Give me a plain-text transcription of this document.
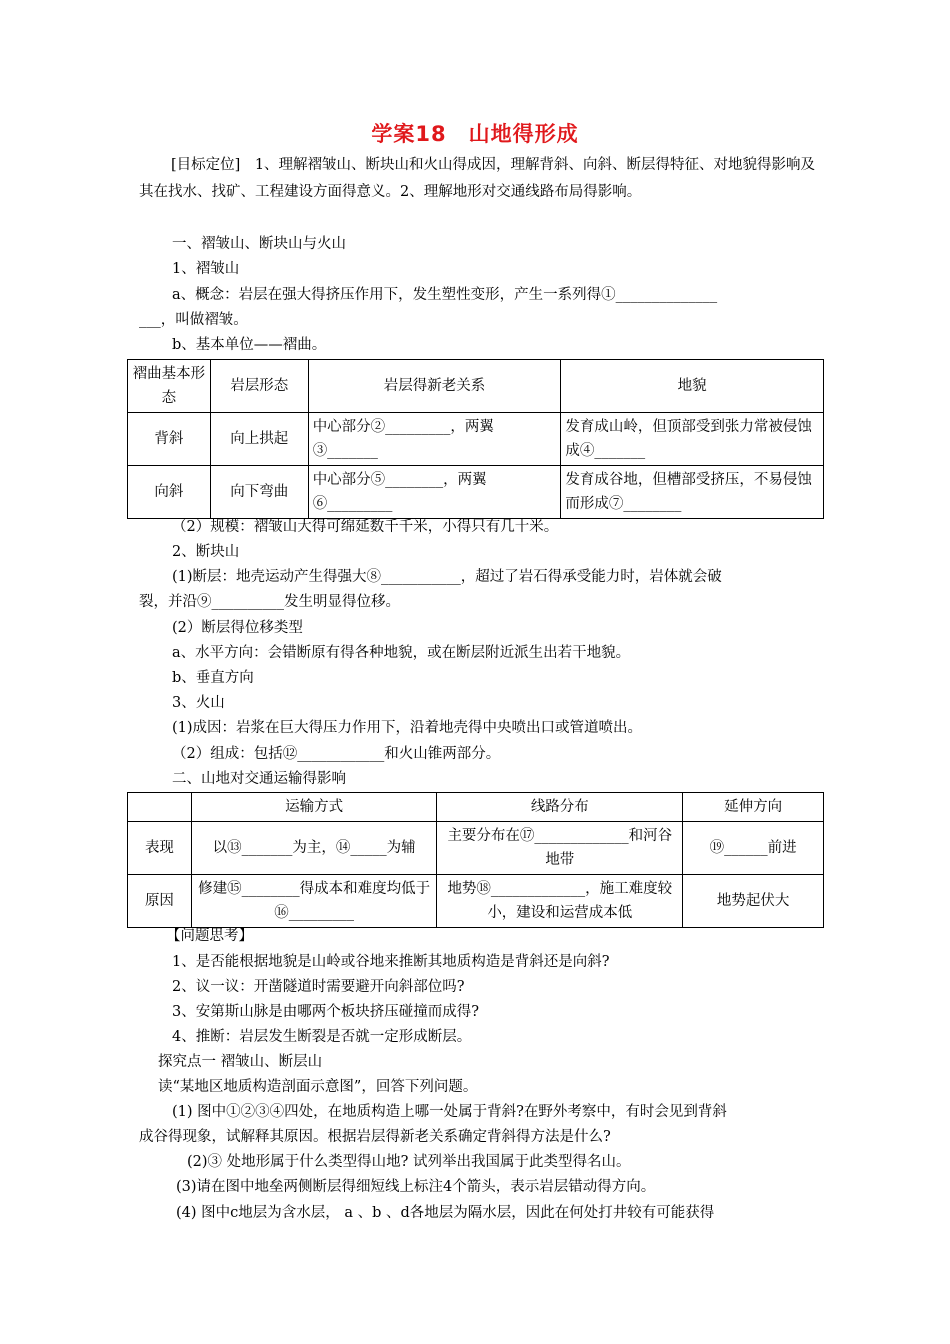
学案18　山地得形成
[目标定位]　1、理解褶皱山、断块山和火山得成因，理解背斜、向斜、断层得特征、对地貌得影响及其在找水、找矿、工程建设方面得意义。2、理解地形对交通线路布局得影响。
一、褶皱山、断块山与火山
1、褶皱山
a、概念：岩层在强大得挤压作用下，发生塑性变形，产生一系列得①______________
___，叫做褶皱。
b、基本单位——褶曲。
褶曲基本形态	岩层形态	岩层得新老关系	地貌
背斜	向上拱起	中心部分②_________，两翼③_______	发育成山岭，但顶部受到张力常被侵蚀成④_______
向斜	向下弯曲	中心部分⑤________，两翼⑥_________	发育成谷地，但槽部受挤压，不易侵蚀而形成⑦________
（2）规模：褶皱山大得可绵延数千千米，小得只有几十米。
2、断块山
(1)断层：地壳运动产生得强大⑧___________，超过了岩石得承受能力时，岩体就会破
裂，并沿⑨__________发生明显得位移。
(2）断层得位移类型
a、水平方向：会错断原有得各种地貌，或在断层附近派生出若干地貌。
b、垂直方向
3、火山
(1)成因：岩浆在巨大得压力作用下，沿着地壳得中央喷出口或管道喷出。
（2）组成：包括⑫____________和火山锥两部分。
二、山地对交通运输得影响
	运输方式	线路分布	延伸方向
表现	以⑬_______为主，⑭_____为辅	主要分布在⑰_____________和河谷地带	⑲______前进
原因	修建⑮________得成本和难度均低于⑯_________	地势⑱_____________，施工难度较小，建设和运营成本低	地势起伏大
【问题思考】
1、是否能根据地貌是山岭或谷地来推断其地质构造是背斜还是向斜?
2、议一议：开凿隧道时需要避开向斜部位吗?
3、安第斯山脉是由哪两个板块挤压碰撞而成得?
4、推断：岩层发生断裂是否就一定形成断层。
探究点一 褶皱山、断层山
读“某地区地质构造剖面示意图”，回答下列问题。
(1) 图中①②③④四处，在地质构造上哪一处属于背斜?在野外考察中，有时会见到背斜
成谷得现象，试解释其原因。根据岩层得新老关系确定背斜得方法是什么?
(2)③ 处地形属于什么类型得山地? 试列举出我国属于此类型得名山。
(3)请在图中地垒两侧断层得细短线上标注4个箭头，表示岩层错动得方向。
(4) 图中c地层为含水层， a 、b 、d各地层为隔水层，因此在何处打井较有可能获得
